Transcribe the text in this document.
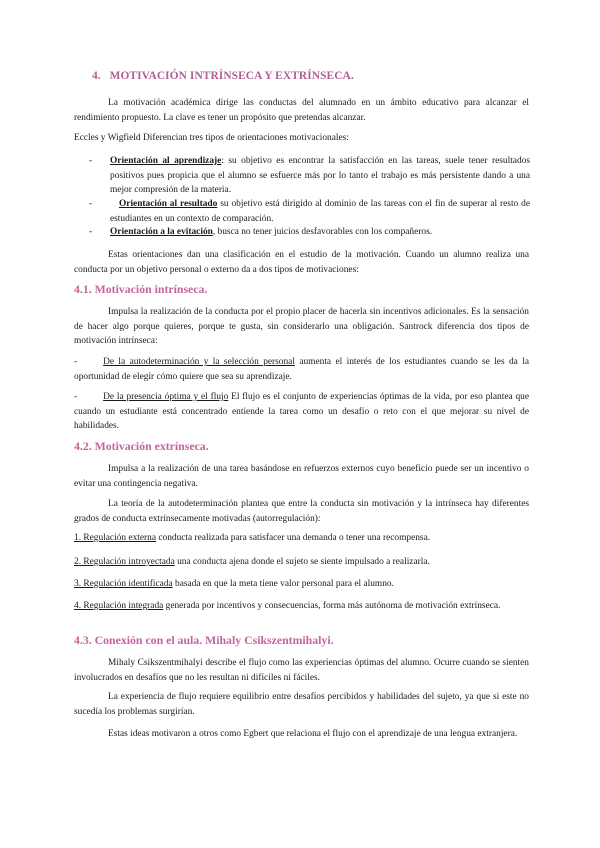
4. MOTIVACIÓN INTRÍNSECA Y EXTRÍNSECA.

La motivación académica dirige las conductas del alumnado en un ámbito educativo para alcanzar el rendimiento propuesto. La clave es tener un propósito que pretendas alcanzar.

Eccles y Wigfield Diferencian tres tipos de orientaciones motivacionales:

- Orientación al aprendizaje: su objetivo es encontrar la satisfacción en las tareas, suele tener resultados positivos pues propicia que el alumno se esfuerce más por lo tanto el trabajo es más persistente dando a una mejor compresión de la materia.
-	Orientación al resultado su objetivo está dirigido al dominio de las tareas con el fin de superar al resto de estudiantes en un contexto de comparación.
- Orientación a la evitación, busca no tener juicios desfavorables con los compañeros.

Estas orientaciones dan una clasificación en el estudio de la motivación. Cuando un alumno realiza una conducta por un objetivo personal o externo da a dos tipos de motivaciones:

4.1. Motivación intrínseca.

Impulsa la realización de la conducta por el propio placer de hacerla sin incentivos adicionales. Es la sensación de hacer algo porque quieres, porque te gusta, sin considerarlo una obligación. Santrock diferencia dos tipos de motivación intrínseca:

-	De la autodeterminación y la selección personal aumenta el interés de los estudiantes cuando se les da la oportunidad de elegir cómo quiere que sea su aprendizaje.
-	De la presencia óptima y el flujo El flujo es el conjunto de experiencias óptimas de la vida, por eso plantea que cuando un estudiante está concentrado entiende la tarea como un desafío o reto con el que mejorar su nivel de habilidades.
4.2. Motivación extrínseca.

Impulsa a la realización de una tarea basándose en refuerzos externos cuyo beneficio puede ser un incentivo o evitar una contingencia negativa.

La teoría de la autodeterminación plantea que entre la conducta sin motivación y la intrínseca hay diferentes grados de conducta extrínsecamente motivadas (autorregulación):

1. Regulación externa conducta realizada para satisfacer una demanda o tener una recompensa.
2. Regulación introyectada una conducta ajena donde el sujeto se siente impulsado a realizarla.
3. Regulación identificada basada en que la meta tiene valor personal para el alumno.
4. Regulación integrada generada por incentivos y consecuencias, forma más autónoma de motivación extrínseca.
4.3. Conexión con el aula. Mihaly Csikszentmihalyi.

Mihaly Csikszentmihalyi describe el flujo como las experiencias óptimas del alumno. Ocurre cuando se sienten involucrados en desafíos que no les resultan ni difíciles ni fáciles.

La experiencia de flujo requiere equilibrio entre desafíos percibidos y habilidades del sujeto, ya que si este no sucedía los problemas surgirían.

Estas ideas motivaron a otros como Egbert que relaciona el flujo con el aprendizaje de una lengua extranjera.
